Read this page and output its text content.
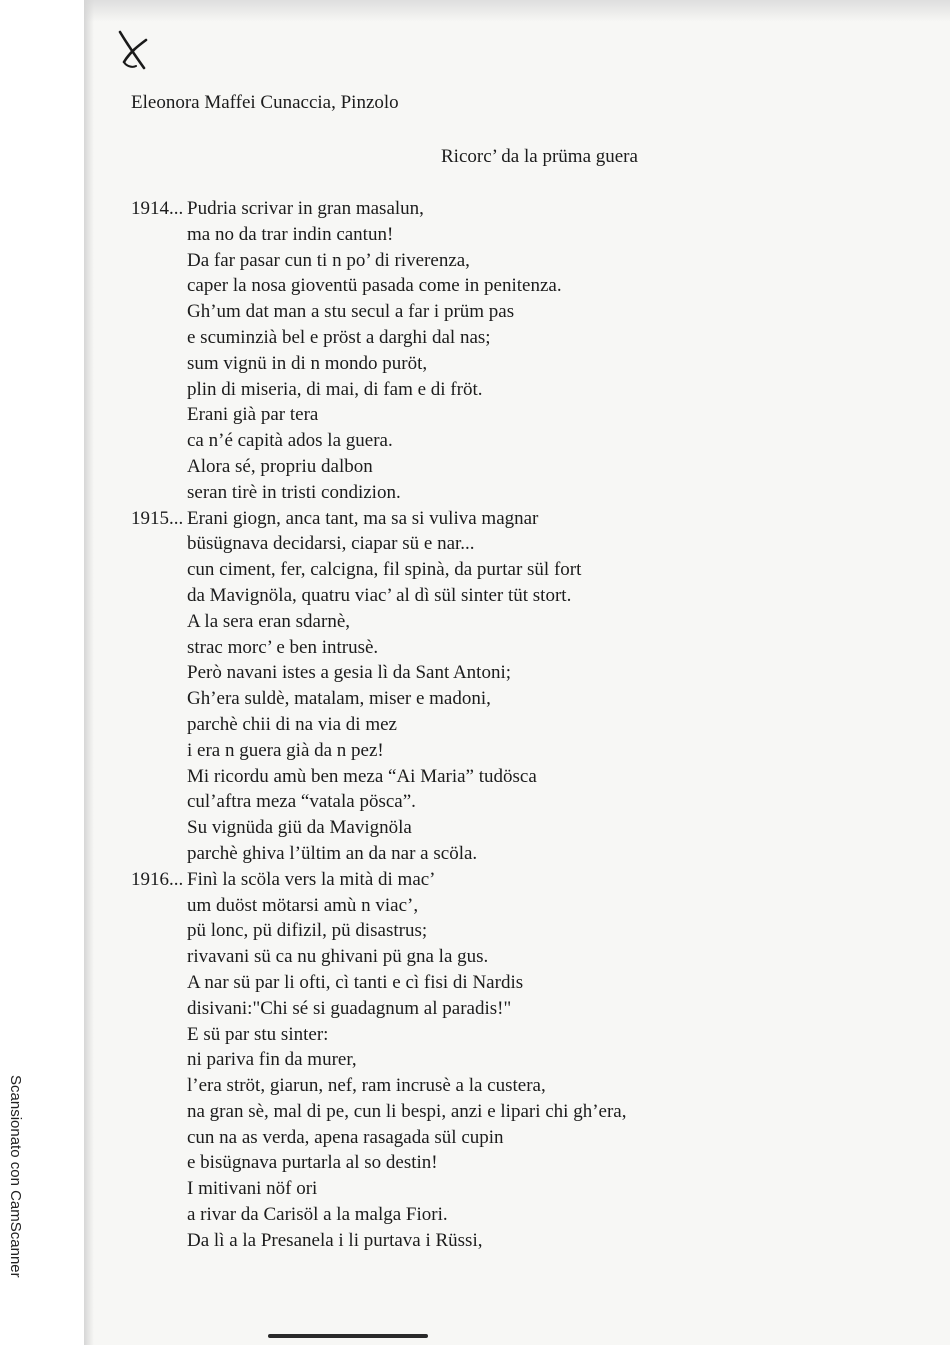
Eleonora Maffei Cunaccia, Pinzolo
Ricorc’ da la prüma guera
1914... Pudria scrivar in gran masalun,
ma no da trar indin cantun!
Da far pasar cun ti n po’ di riverenza,
caper la nosa gioventü pasada come in penitenza.
Gh’um dat man a stu secul a far i prüm pas
e scuminzià bel e pröst a darghi dal nas;
sum vignü in di n mondo puröt,
plin di miseria, di mai, di fam e di fröt.
Erani già par tera
ca n’é capità ados la guera.
Alora sé, propriu dalbon
seran tirè in tristi condizion.
1915... Erani giogn, anca tant, ma sa si vuliva magnar
büsügnava decidarsi, ciapar sü e nar...
cun ciment, fer, calcigna, fil spinà, da purtar sül fort
da Mavignöla, quatru viac’ al dì sül sinter tüt stort.
A la sera eran sdarnè,
strac morc’ e ben intrusè.
Però navani istes a gesia lì da Sant Antoni;
Gh’era suldè, matalam, miser e madoni,
parchè chii di na via di mez
i era n guera già da n pez!
Mi ricordu amù ben meza “Ai Maria” tudösca
cul’aftra meza “vatala pösca”.
Su vignüda giü da Mavignöla
parchè ghiva l’ültim an da nar a scöla.
1916... Finì la scöla vers la mità di mac’
um duöst mötarsi amù n viac’,
pü lonc, pü difizil, pü disastrus;
rivavani sü ca nu ghivani pü gna la gus.
A nar sü par li ofti, cì tanti e cì fisi di Nardis
disivani:"Chi sé si guadagnum al paradis!"
E sü par stu sinter:
ni pariva fin da murer,
l’era ströt, giarun, nef, ram incrusè a la custera,
na gran sè, mal di pe, cun li bespi, anzi e lipari chi gh’era,
cun na as verda, apena rasagada sül cupin
e bisügnava purtarla al so destin!
I mitivani nöf ori
a rivar da Carisöl a la malga Fiori.
Da lì a la Presanela i li purtava i Rüssi,
Scansionato con CamScanner
